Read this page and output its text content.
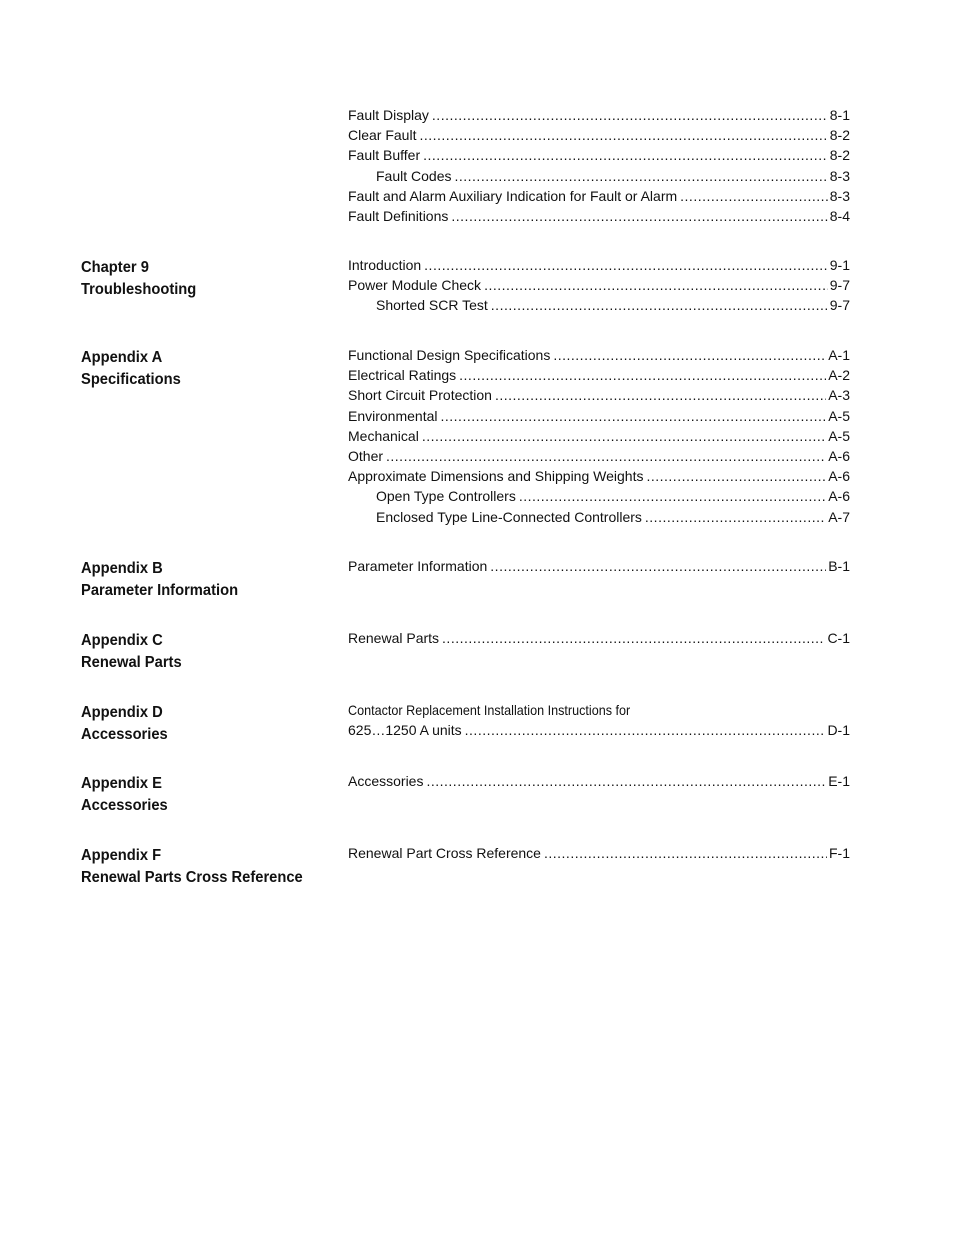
Fault Display .....	8-1
Clear Fault .....	8-2
Fault Buffer .....	8-2
Fault Codes .....	8-3
Fault and Alarm Auxiliary Indication for Fault or Alarm .....	8-3
Fault Definitions .....	8-4
Chapter 9
Troubleshooting
Introduction .....	9-1
Power Module Check .....	9-7
Shorted SCR Test .....	9-7
Appendix A
Specifications
Functional Design Specifications .....	A-1
Electrical Ratings .....	A-2
Short Circuit Protection .....	A-3
Environmental .....	A-5
Mechanical .....	A-5
Other .....	A-6
Approximate Dimensions and Shipping Weights .....	A-6
Open Type Controllers .....	A-6
Enclosed Type Line-Connected Controllers .....	A-7
Appendix B
Parameter Information
Parameter Information .....	B-1
Appendix C
Renewal Parts
Renewal Parts .....	C-1
Appendix D
Accessories
Contactor Replacement Installation Instructions for
625…1250 A units .....	D-1
Appendix E
Accessories
Accessories .....	E-1
Appendix F
Renewal Parts Cross Reference
Renewal Part Cross Reference .....	F-1
